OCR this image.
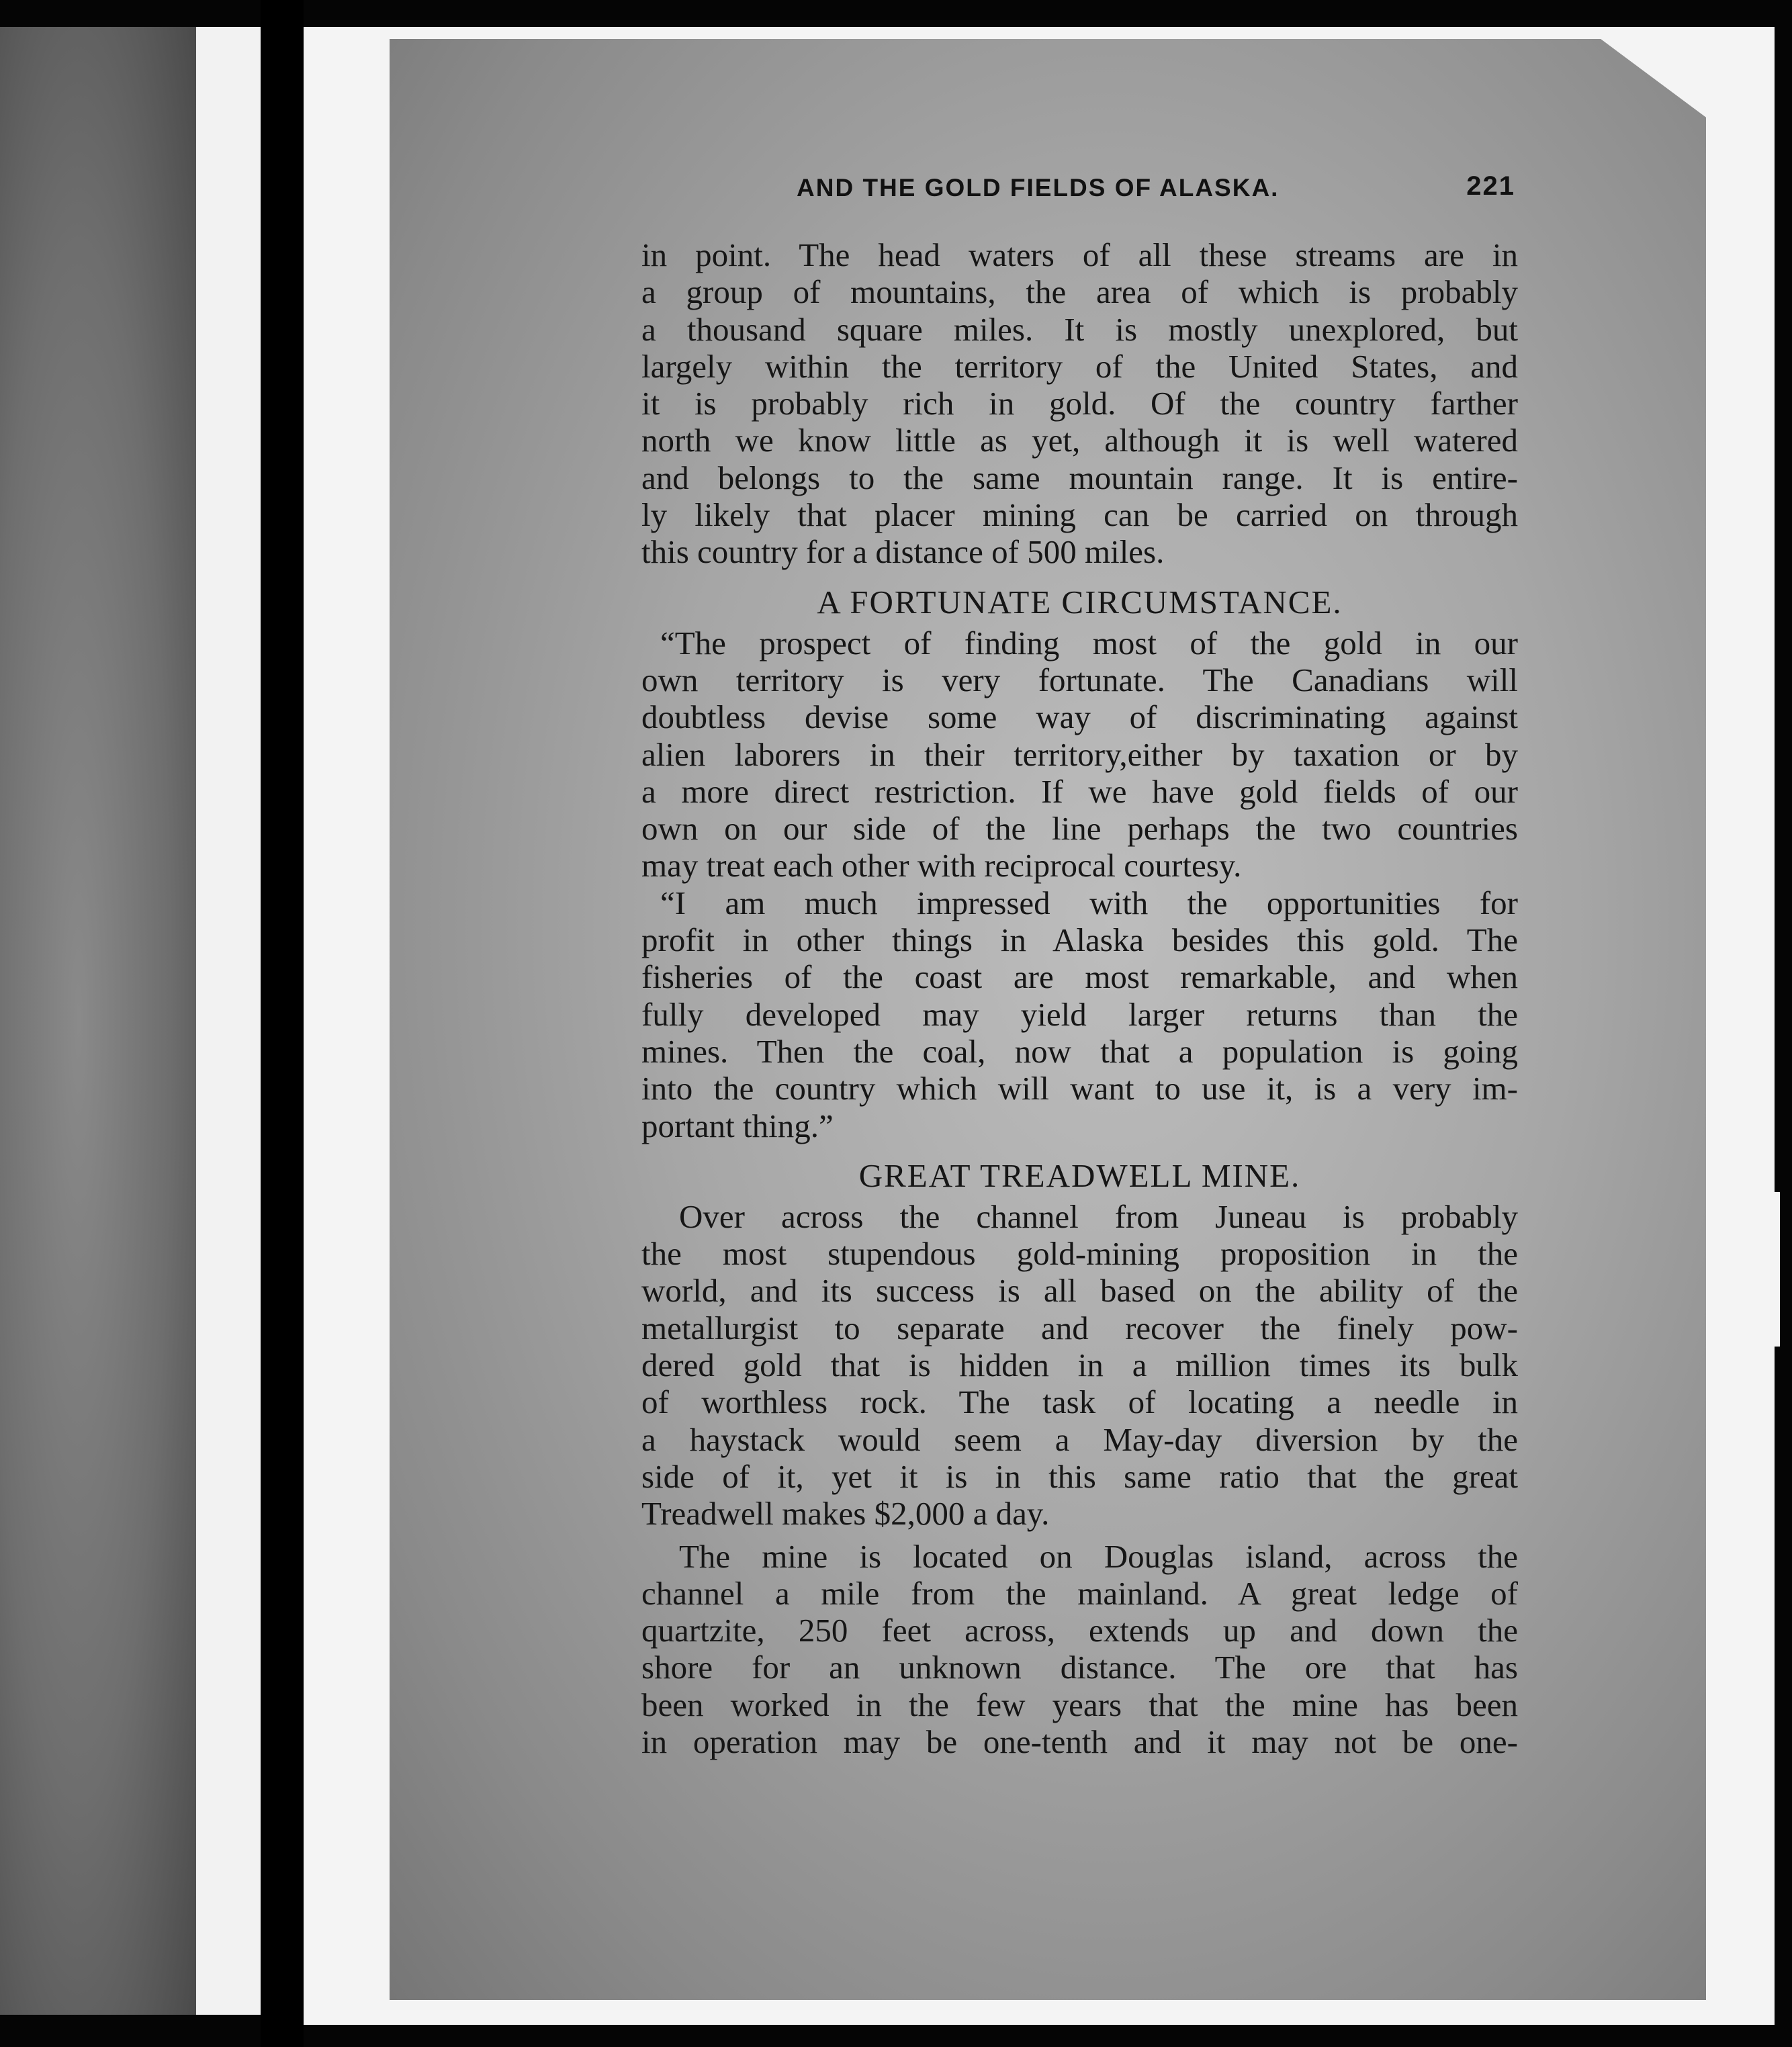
AND THE GOLD FIELDS OF ALASKA.	221
in point. The head waters of all these streams are in
a group of mountains, the area of which is probably
a thousand square miles. It is mostly unexplored, but
largely within the territory of the United States, and
it is probably rich in gold. Of the country farther
north we know little as yet, although it is well watered
and belongs to the same mountain range. It is entire-
ly likely that placer mining can be carried on through
this country for a distance of 500 miles.
A FORTUNATE CIRCUMSTANCE.
“The prospect of finding most of the gold in our
own territory is very fortunate. The Canadians will
doubtless devise some way of discriminating against
alien laborers in their territory,either by taxation or by
a more direct restriction. If we have gold fields of our
own on our side of the line perhaps the two countries
may treat each other with reciprocal courtesy.
“I am much impressed with the opportunities for
profit in other things in Alaska besides this gold. The
fisheries of the coast are most remarkable, and when
fully developed may yield larger returns than the
mines. Then the coal, now that a population is going
into the country which will want to use it, is a very im-
portant thing.”
GREAT TREADWELL MINE.
Over across the channel from Juneau is probably
the most stupendous gold-mining proposition in the
world, and its success is all based on the ability of the
metallurgist to separate and recover the finely pow-
dered gold that is hidden in a million times its bulk
of worthless rock. The task of locating a needle in
a haystack would seem a May-day diversion by the
side of it, yet it is in this same ratio that the great
Treadwell makes $2,000 a day.
The mine is located on Douglas island, across the
channel a mile from the mainland. A great ledge of
quartzite, 250 feet across, extends up and down the
shore for an unknown distance. The ore that has
been worked in the few years that the mine has been
in operation may be one-tenth and it may not be one-
